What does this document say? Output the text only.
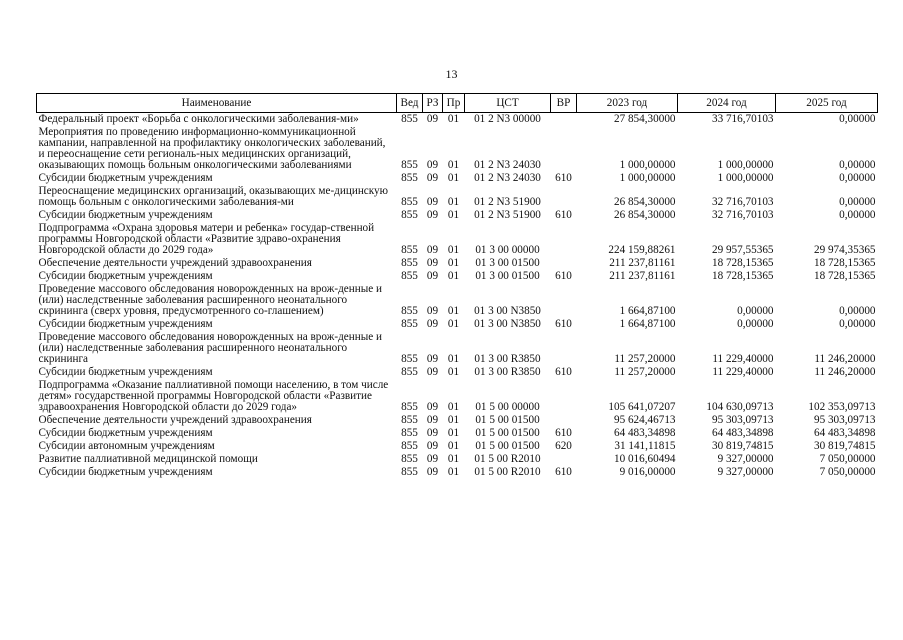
13
Наименование	Вед	РЗ	Пр	ЦСТ	ВР	2023 год	2024 год	2025 год
Федеральный проект «Борьба с онкологическими заболевания-ми»	855	09	01	01 2 N3 00000		27 854,30000	33 716,70103	0,00000
Мероприятия по проведению информационно-коммуникационной кампании, направленной на профилактику онкологических заболеваний, и переоснащение сети региональ-ных медицинских организаций, оказывающих помощь больным онкологическими заболеваниями	855	09	01	01 2 N3 24030		1 000,00000	1 000,00000	0,00000
Субсидии бюджетным учреждениям	855	09	01	01 2 N3 24030	610	1 000,00000	1 000,00000	0,00000
Переоснащение медицинских организаций, оказывающих ме-дицинскую помощь больным с онкологическими заболевания-ми	855	09	01	01 2 N3 51900		26 854,30000	32 716,70103	0,00000
Субсидии бюджетным учреждениям	855	09	01	01 2 N3 51900	610	26 854,30000	32 716,70103	0,00000
Подпрограмма «Охрана здоровья матери и ребенка» государ-ственной программы Новгородской области «Развитие здраво-охранения Новгородской области до 2029 года»	855	09	01	01 3 00 00000		224 159,88261	29 957,55365	29 974,35365
Обеспечение деятельности учреждений здравоохранения	855	09	01	01 3 00 01500		211 237,81161	18 728,15365	18 728,15365
Субсидии бюджетным учреждениям	855	09	01	01 3 00 01500	610	211 237,81161	18 728,15365	18 728,15365
Проведение массового обследования новорожденных на врож-денные и (или) наследственные заболевания расширенного неонатального скрининга (сверх уровня, предусмотренного со-глашением)	855	09	01	01 3 00 N3850		1 664,87100	0,00000	0,00000
Субсидии бюджетным учреждениям	855	09	01	01 3 00 N3850	610	1 664,87100	0,00000	0,00000
Проведение массового обследования новорожденных на врож-денные и (или) наследственные заболевания расширенного неонатального скрининга	855	09	01	01 3 00 R3850		11 257,20000	11 229,40000	11 246,20000
Субсидии бюджетным учреждениям	855	09	01	01 3 00 R3850	610	11 257,20000	11 229,40000	11 246,20000
Подпрограмма «Оказание паллиативной помощи населению, в том числе детям» государственной программы Новгородской области «Развитие здравоохранения Новгородской области до 2029 года»	855	09	01	01 5 00 00000		105 641,07207	104 630,09713	102 353,09713
Обеспечение деятельности учреждений здравоохранения	855	09	01	01 5 00 01500		95 624,46713	95 303,09713	95 303,09713
Субсидии бюджетным учреждениям	855	09	01	01 5 00 01500	610	64 483,34898	64 483,34898	64 483,34898
Субсидии автономным учреждениям	855	09	01	01 5 00 01500	620	31 141,11815	30 819,74815	30 819,74815
Развитие паллиативной медицинской помощи	855	09	01	01 5 00 R2010		10 016,60494	9 327,00000	7 050,00000
Субсидии бюджетным учреждениям	855	09	01	01 5 00 R2010	610	9 016,00000	9 327,00000	7 050,00000
